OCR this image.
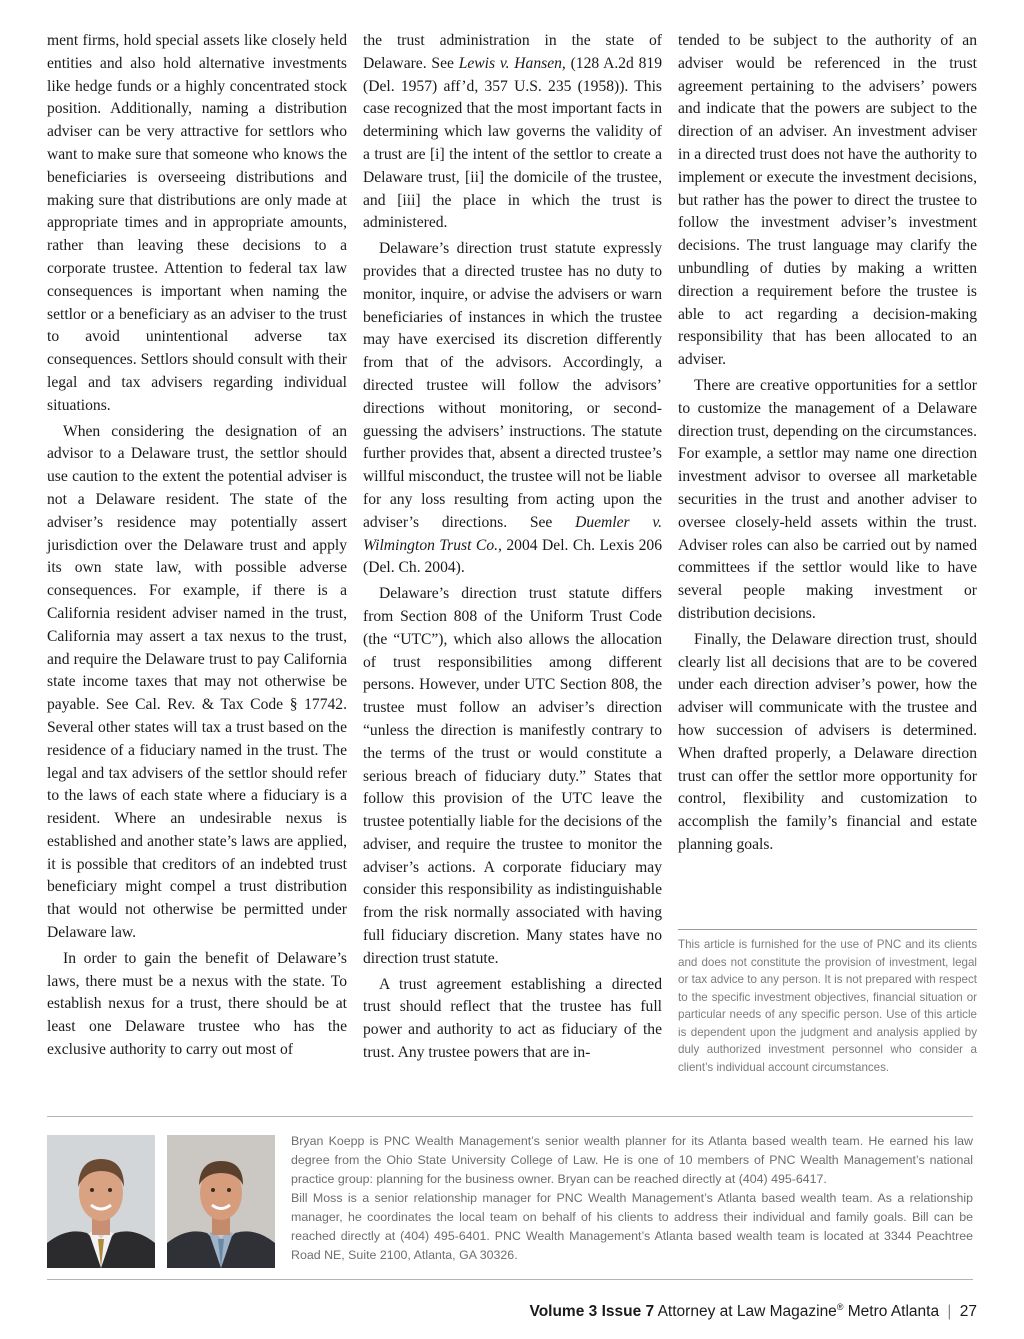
ment firms, hold special assets like closely held entities and also hold alternative investments like hedge funds or a highly concentrated stock position. Additionally, naming a distribution adviser can be very attractive for settlors who want to make sure that someone who knows the beneficiaries is overseeing distributions and making sure that distributions are only made at appropriate times and in appropriate amounts, rather than leaving these decisions to a corporate trustee. Attention to federal tax law consequences is important when naming the settlor or a beneficiary as an adviser to the trust to avoid unintentional adverse tax consequences. Settlors should consult with their legal and tax advisers regarding individual situations.

When considering the designation of an advisor to a Delaware trust, the settlor should use caution to the extent the potential adviser is not a Delaware resident. The state of the adviser’s residence may potentially assert jurisdiction over the Delaware trust and apply its own state law, with possible adverse consequences. For example, if there is a California resident adviser named in the trust, California may assert a tax nexus to the trust, and require the Delaware trust to pay California state income taxes that may not otherwise be payable. See Cal. Rev. & Tax Code § 17742. Several other states will tax a trust based on the residence of a fiduciary named in the trust. The legal and tax advisers of the settlor should refer to the laws of each state where a fiduciary is a resident. Where an undesirable nexus is established and another state’s laws are applied, it is possible that creditors of an indebted trust beneficiary might compel a trust distribution that would not otherwise be permitted under Delaware law.

In order to gain the benefit of Delaware’s laws, there must be a nexus with the state. To establish nexus for a trust, there should be at least one Delaware trustee who has the exclusive authority to carry out most of

the trust administration in the state of Delaware. See Lewis v. Hansen, (128 A.2d 819 (Del. 1957) aff’d, 357 U.S. 235 (1958)). This case recognized that the most important facts in determining which law governs the validity of a trust are [i] the intent of the settlor to create a Delaware trust, [ii] the domicile of the trustee, and [iii] the place in which the trust is administered.

Delaware’s direction trust statute expressly provides that a directed trustee has no duty to monitor, inquire, or advise the advisers or warn beneficiaries of instances in which the trustee may have exercised its discretion differently from that of the advisors. Accordingly, a directed trustee will follow the advisors’ directions without monitoring, or second-guessing the advisers’ instructions. The statute further provides that, absent a directed trustee’s willful misconduct, the trustee will not be liable for any loss resulting from acting upon the adviser’s directions. See Duemler v. Wilmington Trust Co., 2004 Del. Ch. Lexis 206 (Del. Ch. 2004).

Delaware’s direction trust statute differs from Section 808 of the Uniform Trust Code (the “UTC”), which also allows the allocation of trust responsibilities among different persons. However, under UTC Section 808, the trustee must follow an adviser’s direction “unless the direction is manifestly contrary to the terms of the trust or would constitute a serious breach of fiduciary duty.” States that follow this provision of the UTC leave the trustee potentially liable for the decisions of the adviser, and require the trustee to monitor the adviser’s actions. A corporate fiduciary may consider this responsibility as indistinguishable from the risk normally associated with having full fiduciary discretion. Many states have no direction trust statute.

A trust agreement establishing a directed trust should reflect that the trustee has full power and authority to act as fiduciary of the trust. Any trustee powers that are in-

tended to be subject to the authority of an adviser would be referenced in the trust agreement pertaining to the advisers’ powers and indicate that the powers are subject to the direction of an adviser. An investment adviser in a directed trust does not have the authority to implement or execute the investment decisions, but rather has the power to direct the trustee to follow the investment adviser’s investment decisions. The trust language may clarify the unbundling of duties by making a written direction a requirement before the trustee is able to act regarding a decision-making responsibility that has been allocated to an adviser.

There are creative opportunities for a settlor to customize the management of a Delaware direction trust, depending on the circumstances. For example, a settlor may name one direction investment advisor to oversee all marketable securities in the trust and another adviser to oversee closely-held assets within the trust. Adviser roles can also be carried out by named committees if the settlor would like to have several people making investment or distribution decisions.

Finally, the Delaware direction trust, should clearly list all decisions that are to be covered under each direction adviser’s power, how the adviser will communicate with the trustee and how succession of advisers is determined. When drafted properly, a Delaware direction trust can offer the settlor more opportunity for control, flexibility and customization to accomplish the family’s financial and estate planning goals.

This article is furnished for the use of PNC and its clients and does not constitute the provision of investment, legal or tax advice to any person. It is not prepared with respect to the specific investment objectives, financial situation or particular needs of any specific person. Use of this article is dependent upon the judgment and analysis applied by duly authorized investment personnel who consider a client’s individual account circumstances.

Bryan Koepp is PNC Wealth Management’s senior wealth planner for its Atlanta based wealth team. He earned his law degree from the Ohio State University College of Law. He is one of 10 members of PNC Wealth Management’s national practice group: planning for the business owner. Bryan can be reached directly at (404) 495-6417.

Bill Moss is a senior relationship manager for PNC Wealth Management’s Atlanta based wealth team. As a relationship manager, he coordinates the local team on behalf of his clients to address their individual and family goals. Bill can be reached directly at (404) 495-6401. PNC Wealth Management’s Atlanta based wealth team is located at 3344 Peachtree Road NE, Suite 2100, Atlanta, GA 30326.

Volume 3 Issue 7 Attorney at Law Magazine® Metro Atlanta | 27
